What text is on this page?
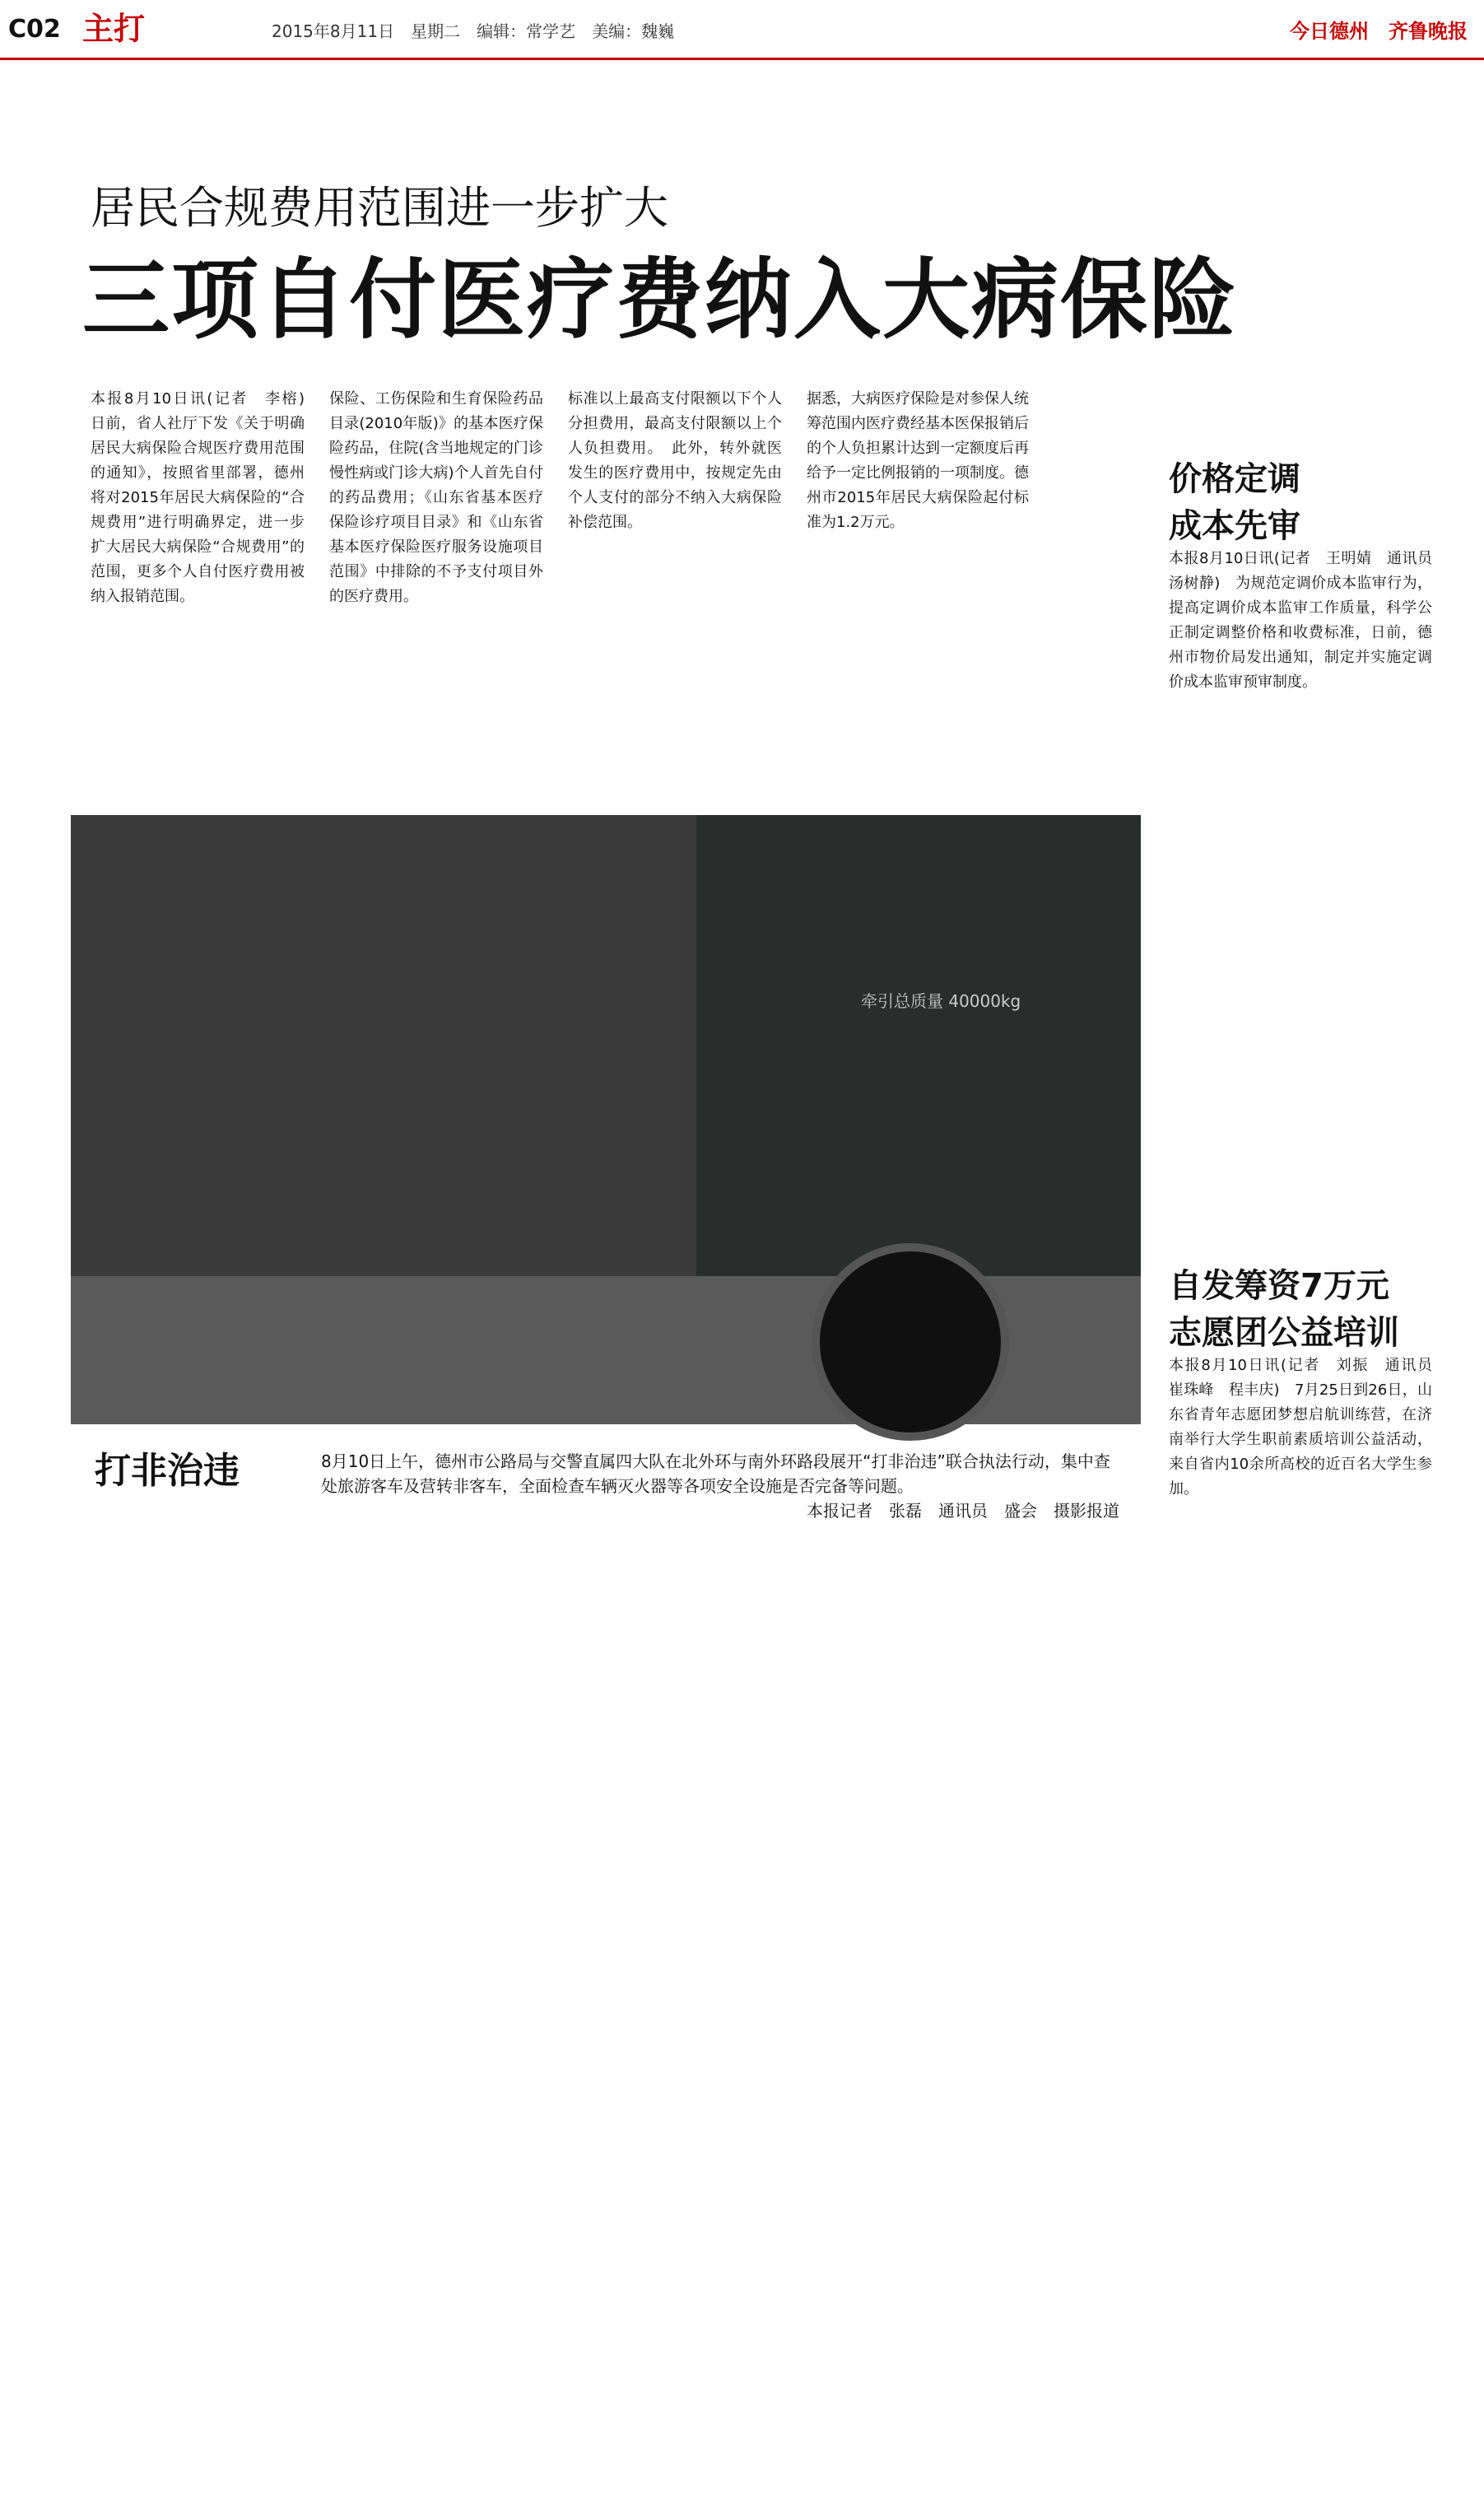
C02 主打	2015年8月11日　星期二　编辑：常学艺　美编：魏巍	今日德州　齐鲁晚报
居民合规费用范围进一步扩大
三项自付医疗费纳入大病保险
本报8月10日讯(记者　李榕)　日前，省人社厅下发《关于明确居民大病保险合规医疗费用范围的通知》，按照省里部署，德州将对2015年居民大病保险的“合规费用”进行明确界定，进一步扩大居民大病保险“合规费用”的范围，更多个人自付医疗费用被纳入报销范围。
保险、工伤保险和生育保险药品目录(2010年版)》的基本医疗保险药品，住院(含当地规定的门诊慢性病或门诊大病)个人首先自付的药品费用；《山东省基本医疗保险诊疗项目目录》和《山东省基本医疗保险医疗服务设施项目范围》中排除的不予支付项目外的医疗费用。
标准以上最高支付限额以下个人分担费用，最高支付限额以上个人负担费用。　此外，转外就医发生的医疗费用中，按规定先由个人支付的部分不纳入大病保险补偿范围。
据悉，大病医疗保险是对参保人统筹范围内医疗费经基本医保报销后的个人负担累计达到一定额度后再给予一定比例报销的一项制度。德州市2015年居民大病保险起付标准为1.2万元。
牵引总质量 40000kg
打非治违	8月10日上午，德州市公路局与交警直属四大队在北外环与南外环路段展开“打非治违”联合执法行动，集中查处旅游客车及营转非客车，全面检查车辆灭火器等各项安全设施是否完备等问题。
本报记者　张磊　通讯员　盛会　摄影报道
价格定调
成本先审
本报8月10日讯(记者　王明婧　通讯员　汤树静)　为规范定调价成本监审行为，提高定调价成本监审工作质量，科学公正制定调整价格和收费标准，日前，德州市物价局发出通知，制定并实施定调价成本监审预审制度。
自发筹资7万元
志愿团公益培训
本报8月10日讯(记者　刘振　通讯员　崔珠峰　程丰庆)　7月25日到26日，山东省青年志愿团梦想启航训练营，在济南举行大学生职前素质培训公益活动，来自省内10余所高校的近百名大学生参加。
